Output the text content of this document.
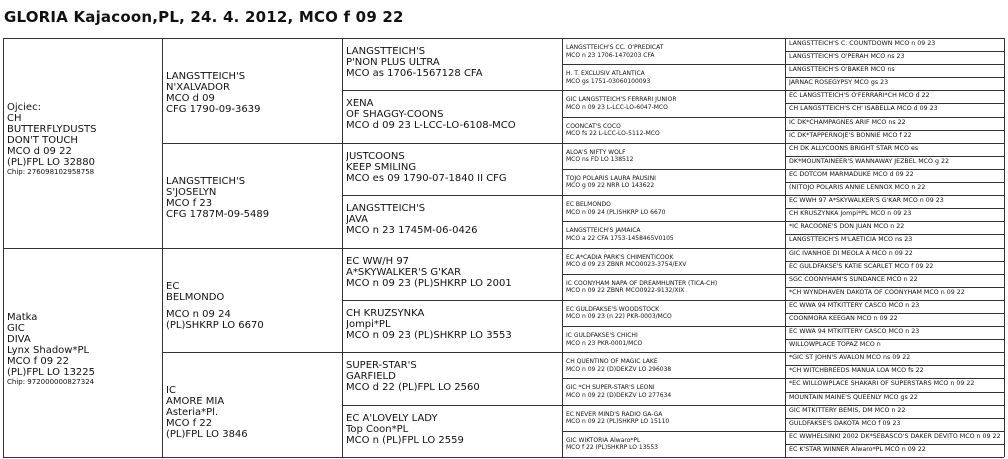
Ojciec:
CH
BUTTERFLYDUSTS
DON'T TOUCH
MCO d 09 22
(PL)FPL LO 32880
Chip: 276098102958758
Matka
GIC
DIVA
Lynx Shadow*PL
MCO f 09 22
(PL)FPL LO 13225
Chip: 972000000827324
LANGSTTEICH'S
N'XALVADOR
MCO d 09
CFG 1790-09-3639
LANGSTTEICH'S
S'JOSELYN
MCO f 23
CFG 1787M-09-5489
EC
BELMONDO
MCO n 09 24
(PL)SHKRP LO 6670
IC
AMORE MIA
Asteria*Pl.
MCO f 22
(PL)FPL LO 3846
LANGSTTEICH'S
P'NON PLUS ULTRA
MCO as 1706-1567128 CFA
XENA
OF SHAGGY-COONS
MCO d 09 23 L-LCC-LO-6108-MCO
JUSTCOONS
KEEP SMILING
MCO es 09 1790-07-1840 II CFG
LANGSTTEICH'S
JAVA
MCO n 23 1745M-06-0426
EC WW/H 97
A*SKYWALKER'S G'KAR
MCO n 09 23 (PL)SHKRP LO 2001
CH KRUZSYNKA
Jompi*PL
MCO n 09 23 (PL)SHKRP LO 3553
SUPER-STAR'S
GARFIELD
MCO d 22 (PL)FPL LO 2560
EC A'LOVELY LADY
Top Coon*PL
MCO n (PL)FPL LO 2559
LANGSTTEICH'S CC. O'PREDICAT
MCO n 23 1706-1470203 CFA
H. T. EXCLUSIV ATLANTICA
MCO gs 1751-03060100093
GIC LANGSTTEICH'S FERRARI JUNIOR
MCO n 09 23 L-LCC-LO-6047-MCO
COONCAT'S COCO
MCO fs 22 L-LCC-LO-5112-MCO
ALOA'S NIFTY WOLF
MCO ns FD LO 138512
TOJO POLARIS LAURA PAUSINI
MCO g 09 22 NRR LO 143622
EC BELMONDO
MCO n 09 24 (PL)SHKRP LO 6670
LANGSTTEICH'S JAMAICA
MCO a 22 CFA 1753-1458465V0105
EC A*CADIA PARK'S CHIMENTICOOK
MCO d 09 23 ZBNR MCO0023-3754/EXV
IC COONYHAM NAPA OF DREAMHUNTER (TICA-CH)
MCO n 09 22 ZBNR MCO0922-9132/XIX
EC GULDFAKSE'S WOODSTOCK
MCO n 09 23 (n 22) PKR-0003/MCO
IC GULDFAKSE'S CHICHI
MCO n 23 PKR-0001/MCO
CH QUENTINO OF MAGIC LAKE
MCO n 09 22 (D)DEKZV LO 296038
GIC *CH SUPER-STAR'S LEONI
MCO n 09 22 (D)DEKZV LO 277634
EC NEVER MIND'S RADIO GA-GA
MCO n 09 22 (PL)SHKRP LO 15110
GIC WIKTORIA Alwaro*PL
MCO f 22 (PL)SHKRP LO 13553
LANGSTTEICH'S C. COUNTDOWN MCO n 09 23
LANGSTTEICH'S O'PERAH MCO ns 23
LANGSTTEICH'S O'BAKER MCO ns
JARNAC ROSEGYPSY MCO gs 23
EC LANGSTTEICH'S O'FERRARI*CH MCO d 22
CH LANGSTTEICH'S CH' ISABELLA MCO d 09 23
IC DK*CHAMPAGNES ARIF MCO ns 22
IC DK*TAPPERNOJE'S BONNIE MCO f 22
CH DK ALLYCOONS BRIGHT STAR MCO es
DK*MOUNTAINEER'S WANNAWAY JEZBEL MCO g 22
EC DOTCOM MARMADUKE MCO d 09 22
(N)TOJO POLARIS ANNIE LENNOX MCO n 22
EC WWH 97 A*SKYWALKER'S G'KAR MCO n 09 23
CH KRUSZYNKA Jompi*PL MCO n 09 23
*IC RACOONE'S DON JUAN MCO n 22
LANGSTTEICH'S M'LAETICIA MCO ns 23
GIC IVANHOE DI MEOLA A MCO n 09 22
EC GULDFAKSE'S KATIE SCARLET MCO f 09 22
SGC COONYHAM'S SUNDANCE MCO n 22
*CH WYNDHAVEN DAKOTA OF COONYHAM MCO n 09 22
EC WWA 94 MTKITTERY CASCO MCO n 23
COONMORA KEEGAN MCO n 09 22
EC WWA 94 MTKITTERY CASCO MCO n 23
WILLOWPLACE TOPAZ MCO n
*GIC ST JOHN'S AVALON MCO ns 09 22
*CH WITCHBREEDS MANUA LOA MCO fs 22
*EC WILLOWPLACE SHAKARI OF SUPERSTARS MCO n 09 22
MOUNTAIN MAINE'S QUEENLY MCO gs 22
GIC MTKITTERY BEMIS, DM MCO n 22
GULDFAKSE'S DAKOTA MCO f 09 23
EC WWHELSINKI 2002 DK*SEBASCO'S DAKER DEVITO MCO n 09 22
EC K'STAR WINNER Alwaro*PL MCO n 09 22
GLORIA Kajacoon,PL, 24. 4. 2012, MCO f 09 22
